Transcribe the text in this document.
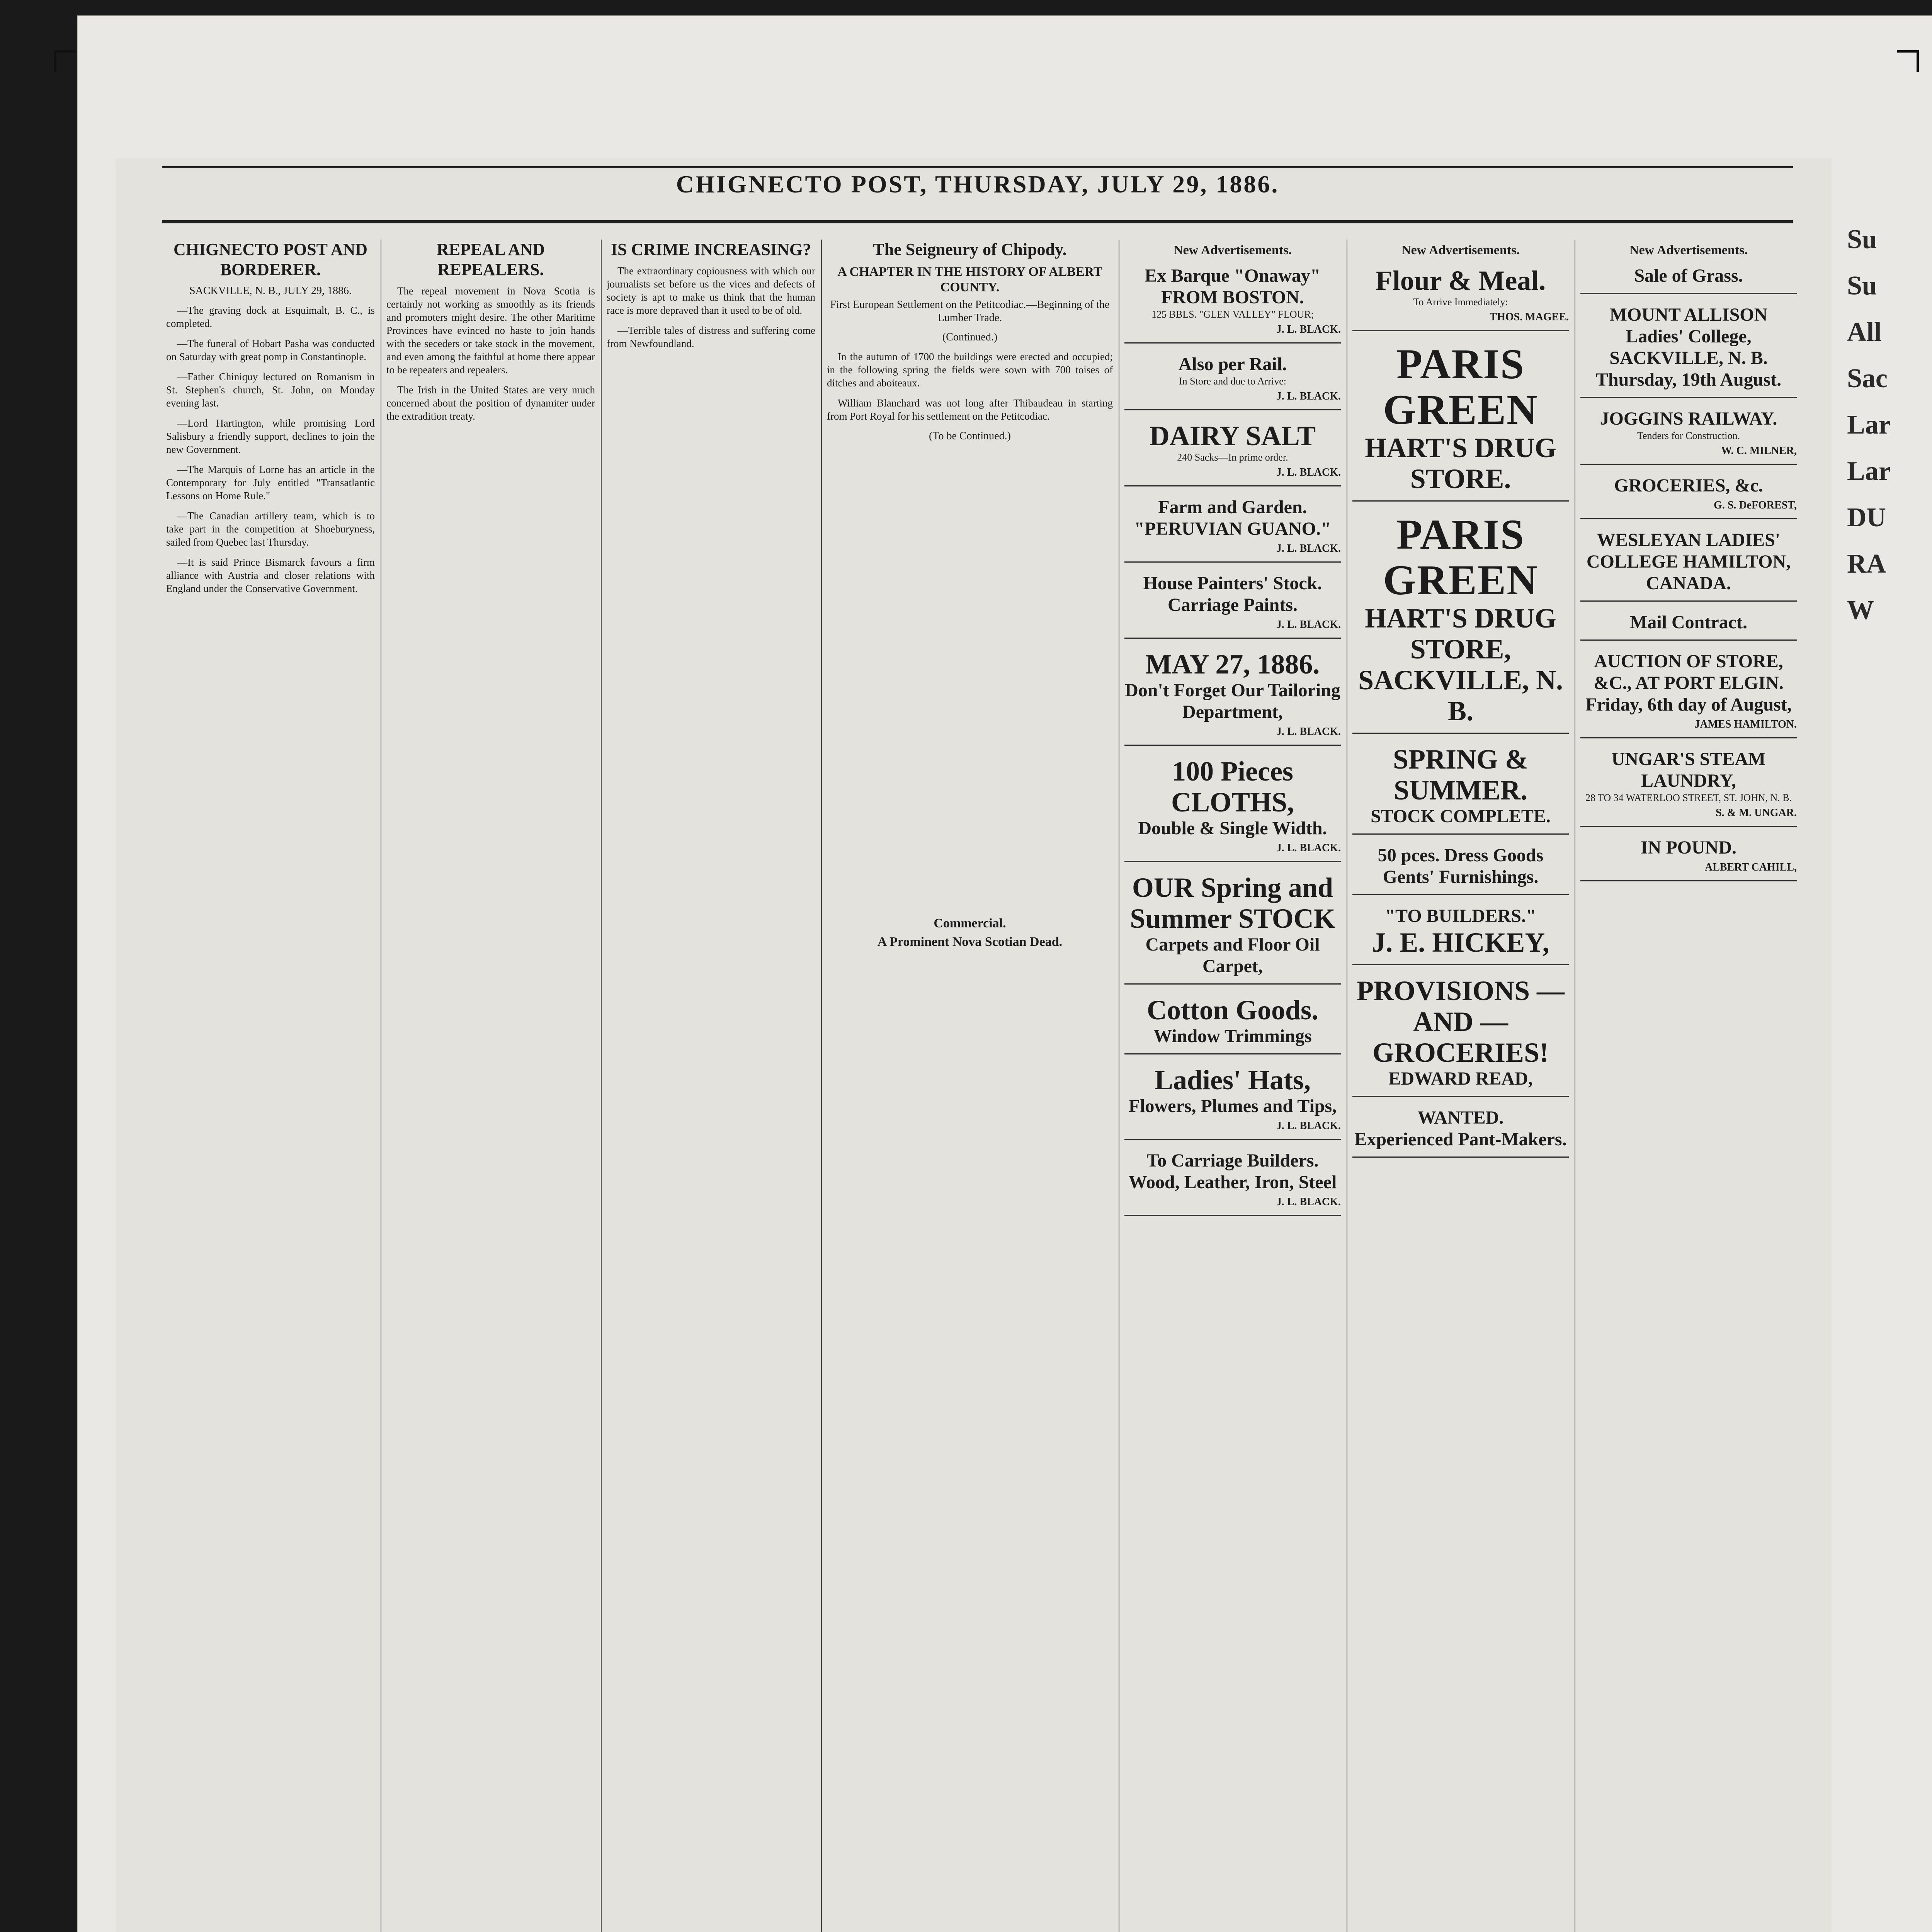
CHIGNECTO POST, THURSDAY, JULY 29, 1886.
CHIGNECTO POST AND BORDERER.
SACKVILLE, N. B., JULY 29, 1886.

—The graving dock at Esquimalt, B. C., is completed.

—The funeral of Hobart Pasha was conducted on Saturday with great pomp in Constantinople.

—Father Chiniquy lectured on Romanism in St. Stephen's church, St. John, on Monday evening last.

—Lord Hartington, while promising Lord Salisbury a friendly support, declines to join the new Government.

—The Marquis of Lorne has an article in the Contemporary for July entitled "Transatlantic Lessons on Home Rule."

—The Canadian artillery team, which is to take part in the competition at Shoeburyness, sailed from Quebec last Thursday.

—It is said Prince Bismarck favours a firm alliance with Austria and closer relations with England under the Conservative Government.

REPEAL AND REPEALERS.

The repeal movement in Nova Scotia is certainly not working as smoothly as its friends and promoters might desire. The other Maritime Provinces have evinced no haste to join hands with the seceders or take stock in the movement, and even among the faithful at home there appear to be repeaters and repealers.

The Irish in the United States are very much concerned about the position of dynamiter under the extradition treaty.

IS CRIME INCREASING?

The extraordinary copiousness with which our journalists set before us the vices and defects of society is apt to make us think that the human race is more depraved than it used to be of old.

—Terrible tales of distress and suffering come from Newfoundland.

The Seigneury of Chipody.
A CHAPTER IN THE HISTORY OF ALBERT COUNTY.
First European Settlement on the Petitcodiac.—Beginning of the Lumber Trade.
(Continued.)

In the autumn of 1700 the buildings were erected and occupied; in the following spring the fields were sown with 700 toises of ditches and aboiteaux.

William Blanchard was not long after Thibaudeau in starting from Port Royal for his settlement on the Petitcodiac.

(To be Continued.)
Commercial.
A Prominent Nova Scotian Dead.
New Advertisements.
Ex Barque "Onaway" FROM BOSTON.
125 BBLS. "GLEN VALLEY" FLOUR;
J. L. BLACK.
Also per Rail.
In Store and due to Arrive:
J. L. BLACK.
DAIRY SALT
240 Sacks—In prime order.
J. L. BLACK.
Farm and Garden.
"PERUVIAN GUANO."
J. L. BLACK.
House Painters' Stock.
Carriage Paints.
J. L. BLACK.
MAY 27, 1886.
Don't Forget Our Tailoring Department,
J. L. BLACK.
100 Pieces CLOTHS,
Double & Single Width.
J. L. BLACK.
OUR Spring and Summer STOCK
Carpets and Floor Oil Carpet,
Cotton Goods.
Window Trimmings
Ladies' Hats,
Flowers, Plumes and Tips,
J. L. BLACK.
To Carriage Builders.
Wood, Leather, Iron, Steel
J. L. BLACK.
New Advertisements.
Flour & Meal.
To Arrive Immediately:
THOS. MAGEE.
PARIS GREEN
HART'S DRUG STORE.
PARIS GREEN
HART'S DRUG STORE, SACKVILLE, N. B.
SPRING & SUMMER.
STOCK COMPLETE.
50 pces. Dress Goods
Gents' Furnishings.
"TO BUILDERS."
J. E. HICKEY,
PROVISIONS — AND — GROCERIES!
EDWARD READ,
WANTED.
Experienced Pant-Makers.
New Advertisements.
Sale of Grass.
MOUNT ALLISON Ladies' College, SACKVILLE, N. B.
Thursday, 19th August.
JOGGINS RAILWAY.
Tenders for Construction.
W. C. MILNER,
GROCERIES, &c.
G. S. DeFOREST,
WESLEYAN LADIES' COLLEGE HAMILTON, CANADA.
Mail Contract.
AUCTION OF STORE, &C., AT PORT ELGIN.
Friday, 6th day of August,
JAMES HAMILTON.
UNGAR'S STEAM LAUNDRY,
28 TO 34 WATERLOO STREET, ST. JOHN, N. B.
S. & M. UNGAR.
IN POUND.
ALBERT CAHILL,
Su
Su
All
Sac
Lar
Lar
DU
RA
W
